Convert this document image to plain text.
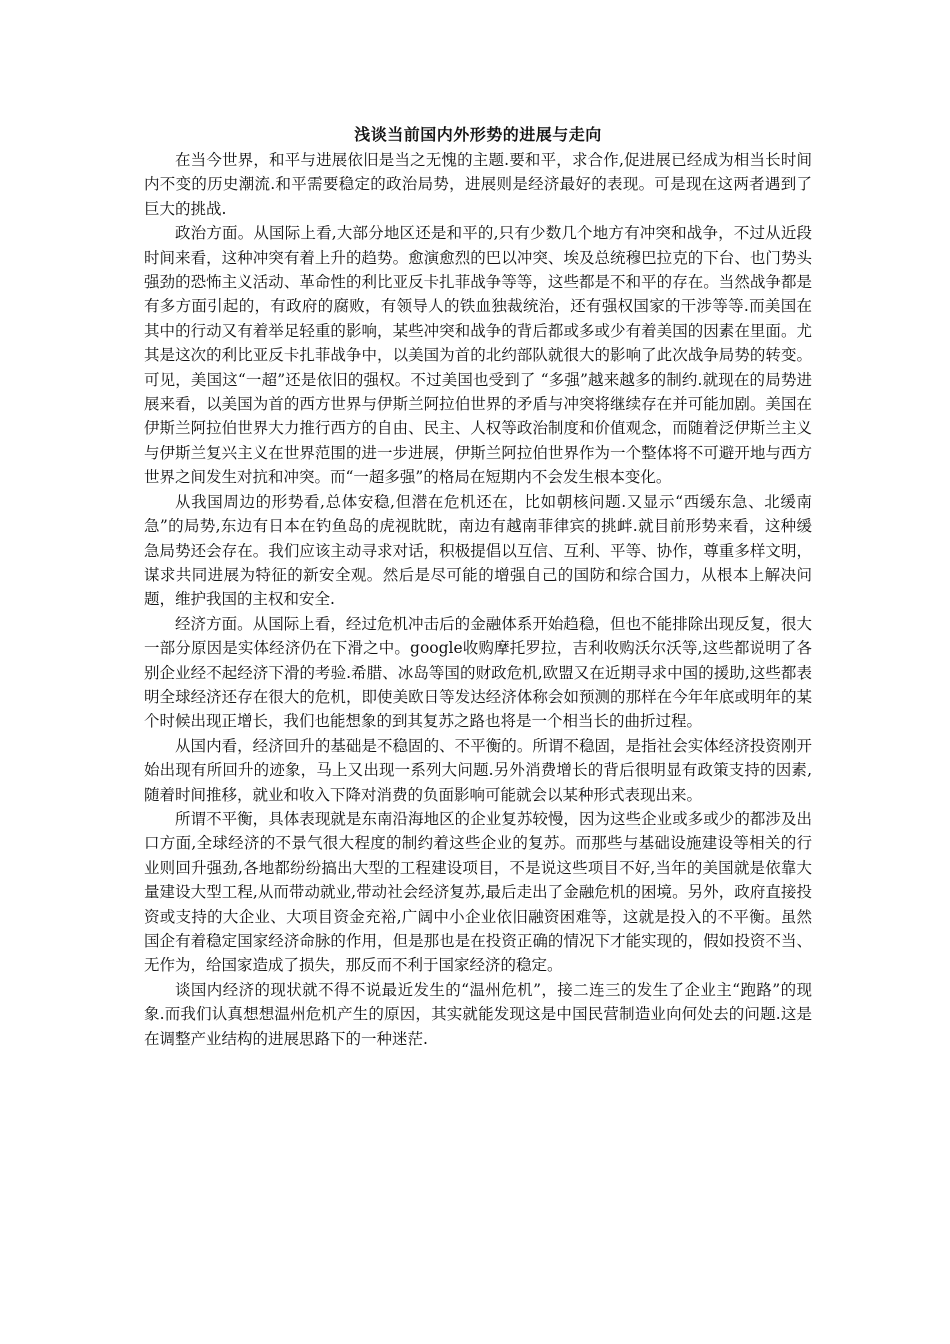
浅谈当前国内外形势的进展与走向

在当今世界，和平与进展依旧是当之无愧的主题.要和平，求合作,促进展已经成为相当长时间内不变的历史潮流.和平需要稳定的政治局势，进展则是经济最好的表现。可是现在这两者遇到了巨大的挑战.

政治方面。从国际上看,大部分地区还是和平的,只有少数几个地方有冲突和战争，不过从近段时间来看，这种冲突有着上升的趋势。愈演愈烈的巴以冲突、埃及总统穆巴拉克的下台、也门势头强劲的恐怖主义活动、革命性的利比亚反卡扎菲战争等等，这些都是不和平的存在。当然战争都是有多方面引起的，有政府的腐败，有领导人的铁血独裁统治，还有强权国家的干涉等等.而美国在其中的行动又有着举足轻重的影响，某些冲突和战争的背后都或多或少有着美国的因素在里面。尤其是这次的利比亚反卡扎菲战争中，以美国为首的北约部队就很大的影响了此次战争局势的转变。可见，美国这“一超”还是依旧的强权。不过美国也受到了 “多强”越来越多的制约.就现在的局势进展来看，以美国为首的西方世界与伊斯兰阿拉伯世界的矛盾与冲突将继续存在并可能加剧。美国在伊斯兰阿拉伯世界大力推行西方的自由、民主、人权等政治制度和价值观念，而随着泛伊斯兰主义与伊斯兰复兴主义在世界范围的进一步进展，伊斯兰阿拉伯世界作为一个整体将不可避开地与西方世界之间发生对抗和冲突。而“一超多强”的格局在短期内不会发生根本变化。

从我国周边的形势看,总体安稳,但潜在危机还在，比如朝核问题.又显示“西缓东急、北缓南急”的局势,东边有日本在钓鱼岛的虎视眈眈，南边有越南菲律宾的挑衅.就目前形势来看，这种缓急局势还会存在。我们应该主动寻求对话，积极提倡以互信、互利、平等、协作，尊重多样文明，谋求共同进展为特征的新安全观。然后是尽可能的增强自己的国防和综合国力，从根本上解决问题，维护我国的主权和安全.

经济方面。从国际上看，经过危机冲击后的金融体系开始趋稳，但也不能排除出现反复，很大一部分原因是实体经济仍在下滑之中。google收购摩托罗拉，吉利收购沃尔沃等,这些都说明了各别企业经不起经济下滑的考验.希腊、冰岛等国的财政危机,欧盟又在近期寻求中国的援助,这些都表明全球经济还存在很大的危机，即使美欧日等发达经济体称会如预测的那样在今年年底或明年的某个时候出现正增长，我们也能想象的到其复苏之路也将是一个相当长的曲折过程。

从国内看，经济回升的基础是不稳固的、不平衡的。所谓不稳固，是指社会实体经济投资刚开始出现有所回升的迹象，马上又出现一系列大问题.另外消费增长的背后很明显有政策支持的因素,随着时间推移，就业和收入下降对消费的负面影响可能就会以某种形式表现出来。

所谓不平衡，具体表现就是东南沿海地区的企业复苏较慢，因为这些企业或多或少的都涉及出口方面,全球经济的不景气很大程度的制约着这些企业的复苏。而那些与基础设施建设等相关的行业则回升强劲,各地都纷纷搞出大型的工程建设项目，不是说这些项目不好,当年的美国就是依靠大量建设大型工程,从而带动就业,带动社会经济复苏,最后走出了金融危机的困境。另外，政府直接投资或支持的大企业、大项目资金充裕,广阔中小企业依旧融资困难等，这就是投入的不平衡。虽然国企有着稳定国家经济命脉的作用，但是那也是在投资正确的情况下才能实现的，假如投资不当、无作为，给国家造成了损失，那反而不利于国家经济的稳定。

谈国内经济的现状就不得不说最近发生的“温州危机”，接二连三的发生了企业主“跑路”的现象.而我们认真想想温州危机产生的原因，其实就能发现这是中国民营制造业向何处去的问题.这是在调整产业结构的进展思路下的一种迷茫.
